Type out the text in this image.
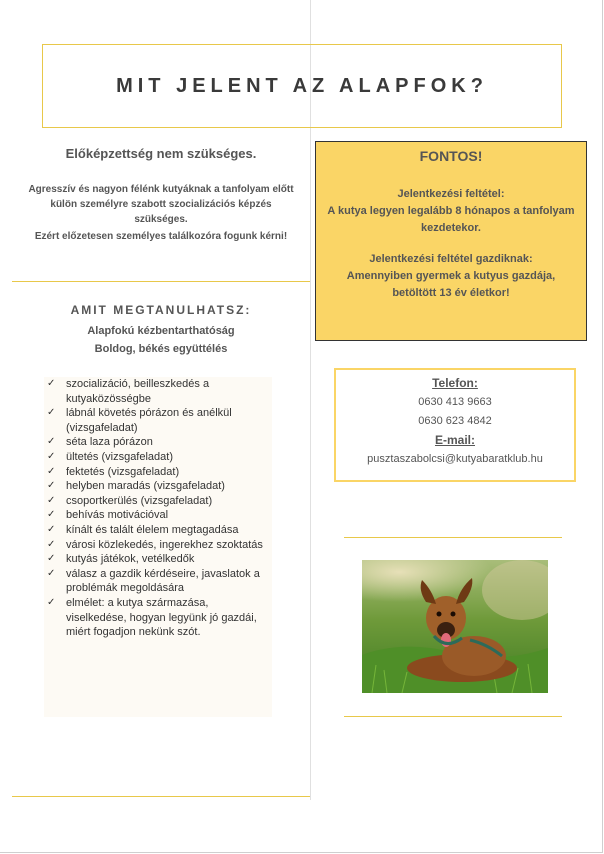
MIT JELENT AZ ALAPFOK?
Előképzettség nem szükséges.

Agresszív és nagyon félénk kutyáknak a tanfolyam előtt külön személyre szabott szocializációs képzés szükséges.

Ezért előzetesen személyes találkozóra fogunk kérni!

AMIT MEGTANULHATSZ:
Alapfokú kézbentarthatóság
Boldog, békés együttélés
✓ szocializáció, beilleszkedés a kutyaközösségbe
✓ lábnál követés pórázon és anélkül (vizsgafeladat)
✓ séta laza pórázon
✓ ültetés (vizsgafeladat)
✓ fektetés (vizsgafeladat)
✓ helyben maradás (vizsgafeladat)
✓ csoportkerülés (vizsgafeladat)
✓ behívás motivációval
✓ kínált és talált élelem megtagadása
✓ városi közlekedés, ingerekhez szoktatás
✓ kutyás játékok, vetélkedők
✓ válasz a gazdik kérdéseire, javaslatok a problémák megoldására
✓ elmélet: a kutya származása, viselkedése, hogyan legyünk jó gazdái, miért fogadjon nekünk szót.
FONTOS!
Jelentkezési feltétel:
A kutya legyen legalább 8 hónapos a tanfolyam kezdetekor.
Jelentkezési feltétel gazdiknak:
Amennyiben gyermek a kutyus gazdája, betöltött 13 év életkor!
Telefon:
0630 413 9663
0630 623 4842
E-mail:
pusztaszabolcsi@kutyabaratklub.hu
